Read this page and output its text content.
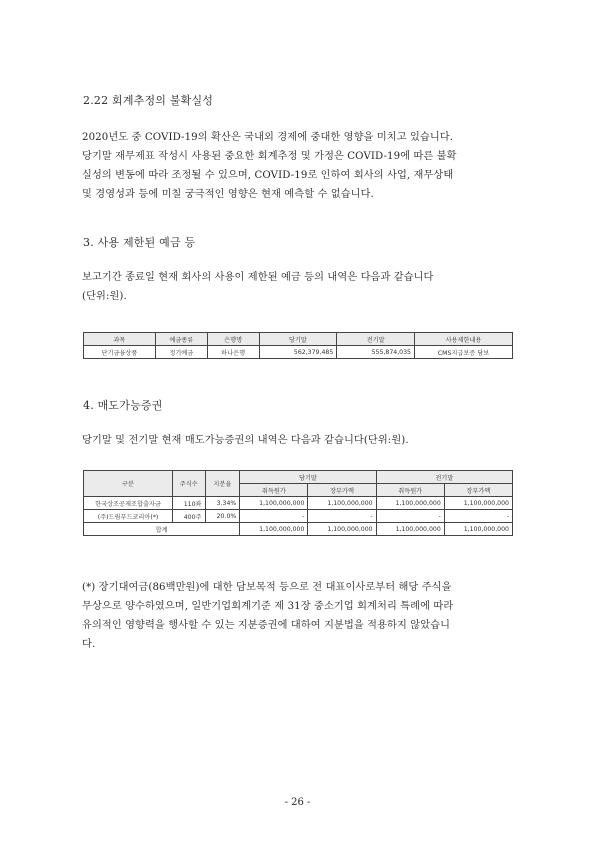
2.22 회계추정의 불확실성
2020년도 중 COVID-19의 확산은 국내외 경제에 중대한 영향을 미치고 있습니다.
당기말 재무제표 작성시 사용된 중요한 회계추정 및 가정은 COVID-19에 따른 불확
실성의 변동에 따라 조정될 수 있으며, COVID-19로 인하여 회사의 사업, 재무상태
및 경영성과 등에 미칠 궁극적인 영향은 현재 예측할 수 없습니다.
3. 사용 제한된 예금 등
보고기간 종료일 현재 회사의 사용이 제한된 예금 등의 내역은 다음과 같습니다
(단위:원).
과목	예금종류	은행명	당기말	전기말	사용제한내용
단기금융상품	정기예금	하나은행	562,379,485	555,874,035	CMS지급보증 담보
4. 매도가능증권
당기말 및 전기말 현재 매도가능증권의 내역은 다음과 같습니다(단위:원).
구분	주식수	지분율	당기말		전기말	
			취득원가	장부가액	취득원가	장부가액
한국상조공제조합출자금	110좌	3.34%	1,100,000,000	1,100,000,000	1,100,000,000	1,100,000,000
(주)드림푸드코리아(*)	400주	20.0%	-	-	-	-
합계			1,100,000,000	1,100,000,000	1,100,000,000	1,100,000,000
(*) 장기대여금(86백만원)에 대한 담보목적 등으로 전 대표이사로부터 해당 주식을
무상으로 양수하였으며, 일반기업회계기준 제 31장 중소기업 회계처리 특례에 따라
유의적인 영향력을 행사할 수 있는 지분증권에 대하여 지분법을 적용하지 않았습니
다.
- 26 -
